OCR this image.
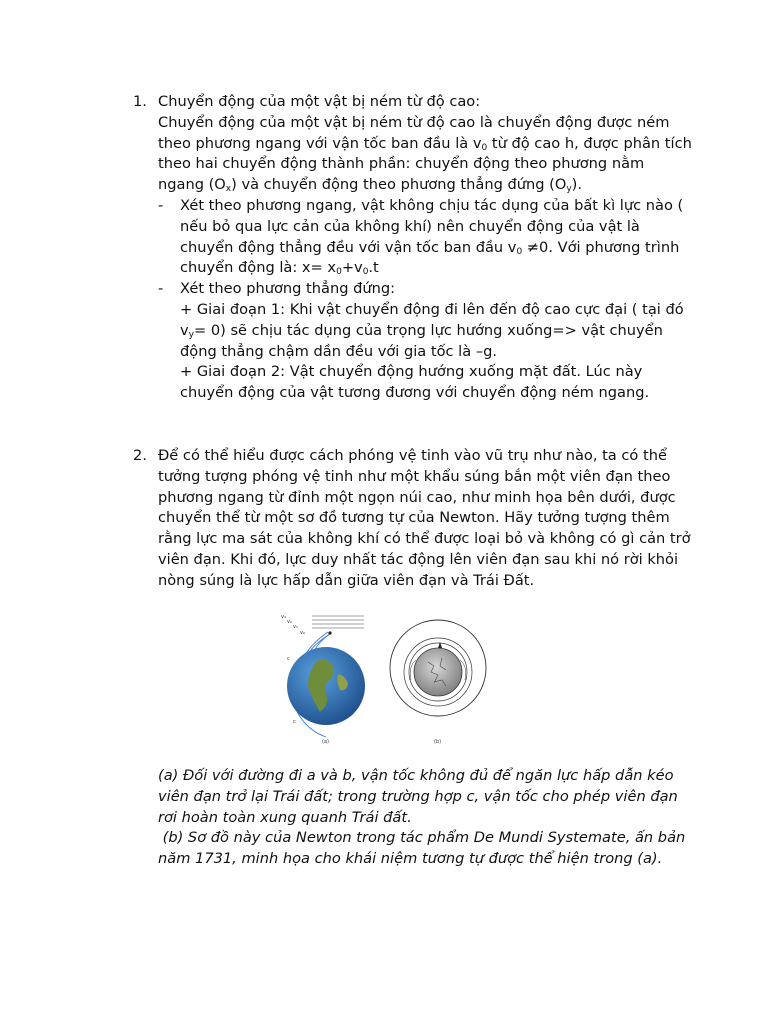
1. Chuyển động của một vật bị ném từ độ cao:

Chuyển động của một vật bị ném từ độ cao là chuyển động được ném theo phương ngang với vận tốc ban đầu là $v_0$ từ độ cao h, được phân tích theo hai chuyển động thành phần: chuyển động theo phương nằm ngang $(O_x)$ và chuyển động theo phương thẳng đứng $(O_y)$.

- Xét theo phương ngang, vật không chịu tác dụng của bất kì lực nào ( nếu bỏ qua lực cản của không khí) nên chuyển động của vật là chuyển động thẳng đều với vận tốc ban đầu $v_0 \ne 0$. Với phương trình chuyển động là: $x= x_0+v_0.t$

- Xét theo phương thẳng đứng:

+ Giai đoạn 1: Khi vật chuyển động đi lên đến độ cao cực đại ( tại đó $v_y= 0$) sẽ chịu tác dụng của trọng lực hướng xuống=> vật chuyển động thẳng chậm dần đều với gia tốc là –g.

+ Giai đoạn 2: Vật chuyển động hướng xuống mặt đất. Lúc này chuyển động của vật tương đương với chuyển động ném ngang.

2. Để có thể hiểu được cách phóng vệ tinh vào vũ trụ như nào, ta có thể tưởng tượng phóng vệ tinh như một khẩu súng bắn một viên đạn theo phương ngang từ đỉnh một ngọn núi cao, như minh họa bên dưới, được chuyển thể từ một sơ đồ tương tự của Newton. Hãy tưởng tượng thêm rằng lực ma sát của không khí có thể được loại bỏ và không có gì cản trở viên đạn. Khi đó, lực duy nhất tác động lên viên đạn sau khi nó rời khỏi nòng súng là lực hấp dẫn giữa viên đạn và Trái Đất.

v₃
v₂
v₁
v₀
c
c
(a)	(b)

(a) Đối với đường đi a và b, vận tốc không đủ để ngăn lực hấp dẫn kéo viên đạn trở lại Trái đất; trong trường hợp c, vận tốc cho phép viên đạn rơi hoàn toàn xung quanh Trái đất.

(b) Sơ đồ này của Newton trong tác phẩm De Mundi Systemate, ấn bản năm 1731, minh họa cho khái niệm tương tự được thể hiện trong (a).
